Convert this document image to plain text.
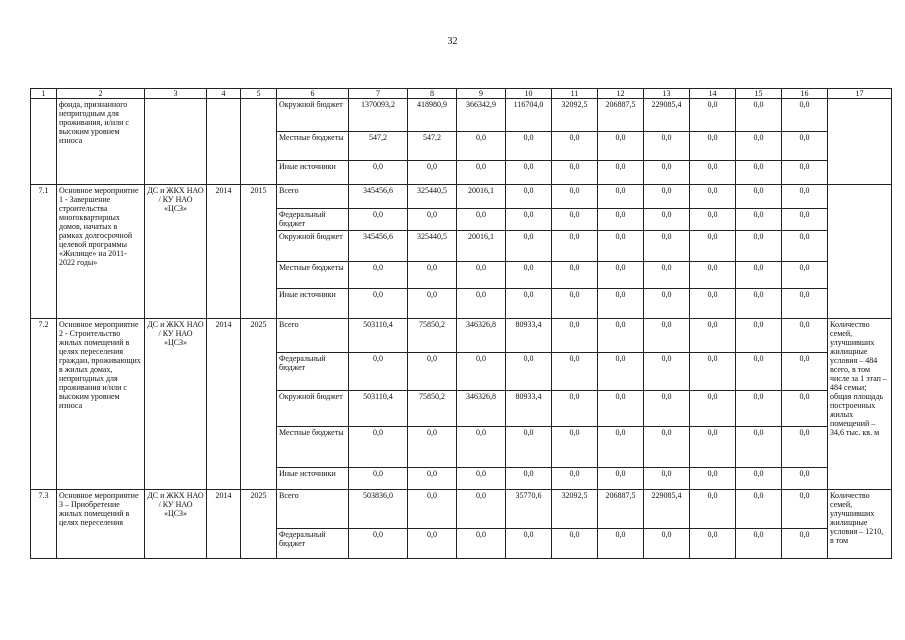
32
1	2	3	4	5	6	7	8	9	10	11	12	13	14	15	16	17
	фонда, признанного непригодным для проживания, и/или с высоким уровнем износа				Окружной бюджет	1370093,2	418980,9	366342,9	116704,0	32092,5	206887,5	229085,4	0,0	0,0	0,0	
					Местные бюджеты	547,2	547,2	0,0	0,0	0,0	0,0	0,0	0,0	0,0	0,0	
					Иные источники	0,0	0,0	0,0	0,0	0,0	0,0	0,0	0,0	0,0	0,0	
7.1	Основное мероприятие 1 - Завершение строительства многоквартирных домов, начатых в рамках долгосрочной целевой программы «Жилище» на 2011-2022 годы»	ДС и ЖКХ НАО / КУ НАО «ЦСЗ»	2014	2015	Всего	345456,6	325440,5	20016,1	0,0	0,0	0,0	0,0	0,0	0,0	0,0	
					Федеральный бюджет	0,0	0,0	0,0	0,0	0,0	0,0	0,0	0,0	0,0	0,0	
					Окружной бюджет	345456,6	325440,5	20016,1	0,0	0,0	0,0	0,0	0,0	0,0	0,0	
					Местные бюджеты	0,0	0,0	0,0	0,0	0,0	0,0	0,0	0,0	0,0	0,0	
					Иные источники	0,0	0,0	0,0	0,0	0,0	0,0	0,0	0,0	0,0	0,0	
7.2	Основное мероприятие 2 - Строительство жилых помещений в целях переселения граждан, проживающих в жилых домах, непригодных для проживания и/или с высоким уровнем износа	ДС и ЖКХ НАО / КУ НАО «ЦСЗ»	2014	2025	Всего	503110,4	75850,2	346326,8	80933,4	0,0	0,0	0,0	0,0	0,0	0,0	Количество семей, улучшивших жилищные условия – 484 всего, в том числе за 1 этап – 484 семьи; общая площадь построенных жилых помещений – 34,6 тыс. кв. м
					Федеральный бюджет	0,0	0,0	0,0	0,0	0,0	0,0	0,0	0,0	0,0	0,0	
					Окружной бюджет	503110,4	75850,2	346326,8	80933,4	0,0	0,0	0,0	0,0	0,0	0,0	
					Местные бюджеты	0,0	0,0	0,0	0,0	0,0	0,0	0,0	0,0	0,0	0,0	
					Иные источники	0,0	0,0	0,0	0,0	0,0	0,0	0,0	0,0	0,0	0,0	
7.3	Основное мероприятие 3 – Приобретение жилых помещений в целях переселения	ДС и ЖКХ НАО / КУ НАО «ЦСЗ»	2014	2025	Всего	503836,0	0,0	0,0	35770,6	32092,5	206887,5	229085,4	0,0	0,0	0,0	Количество семей, улучшивших жилищные условия – 1210, в том
					Федеральный бюджет	0,0	0,0	0,0	0,0	0,0	0,0	0,0	0,0	0,0	0,0	
